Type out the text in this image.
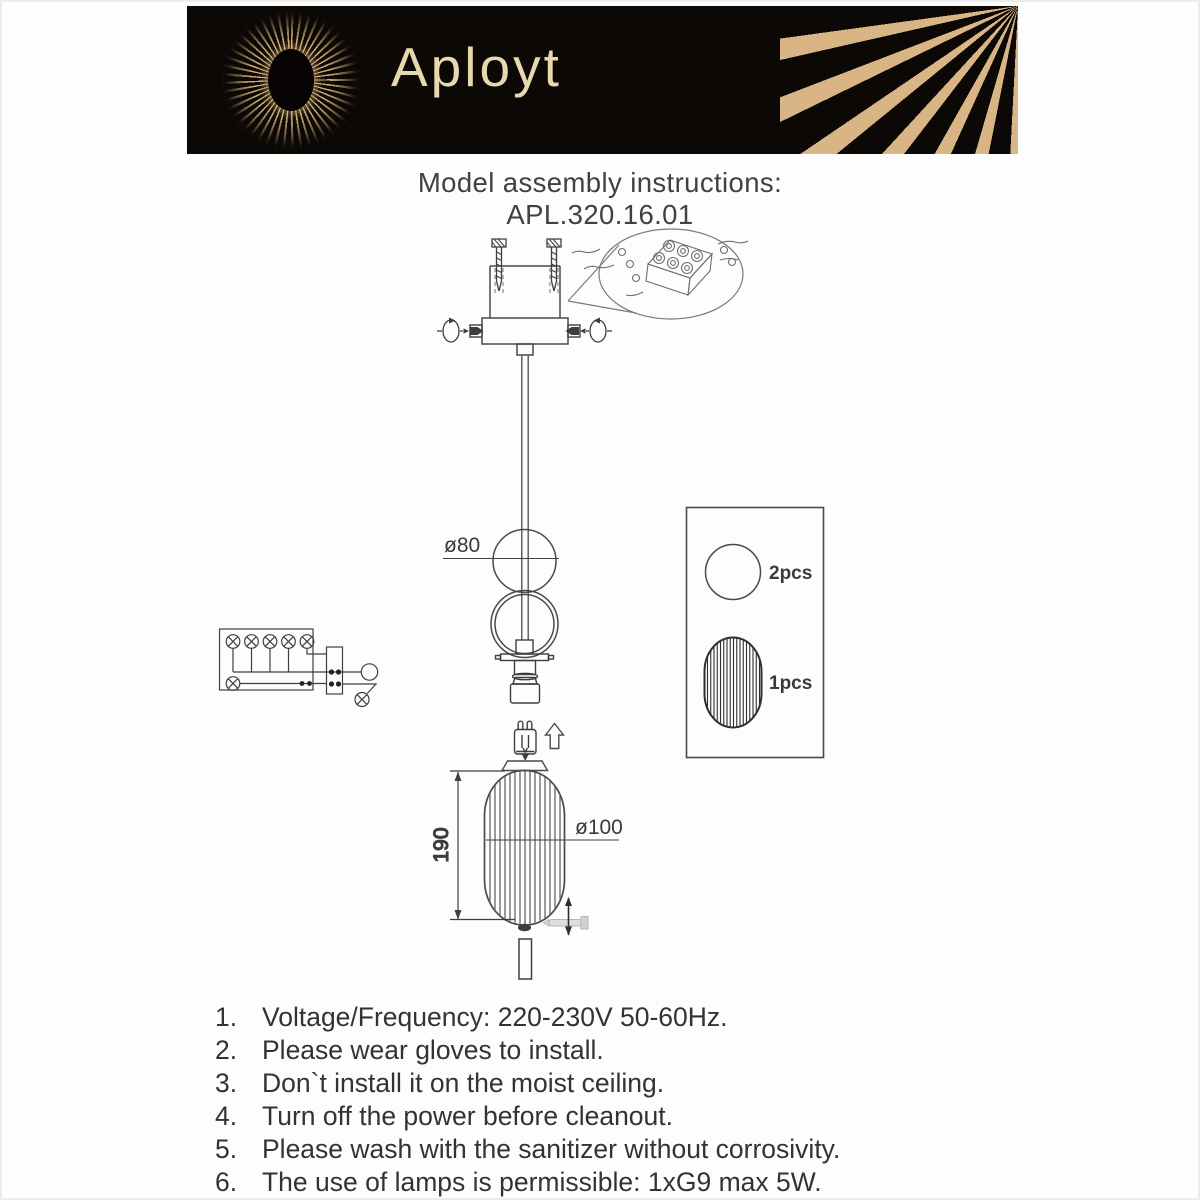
Aployt
Model assembly instructions:
APL.320.16.01
ø80
190	ø100
2pcs
1pcs
1. Voltage/Frequency: 220-230V 50-60Hz.
2. Please wear gloves to install.
3. Don`t install it on the moist ceiling.
4. Turn off the power before cleanout.
5. Please wash with the sanitizer without corrosivity.
6. The use of lamps is permissible: 1xG9 max 5W.
